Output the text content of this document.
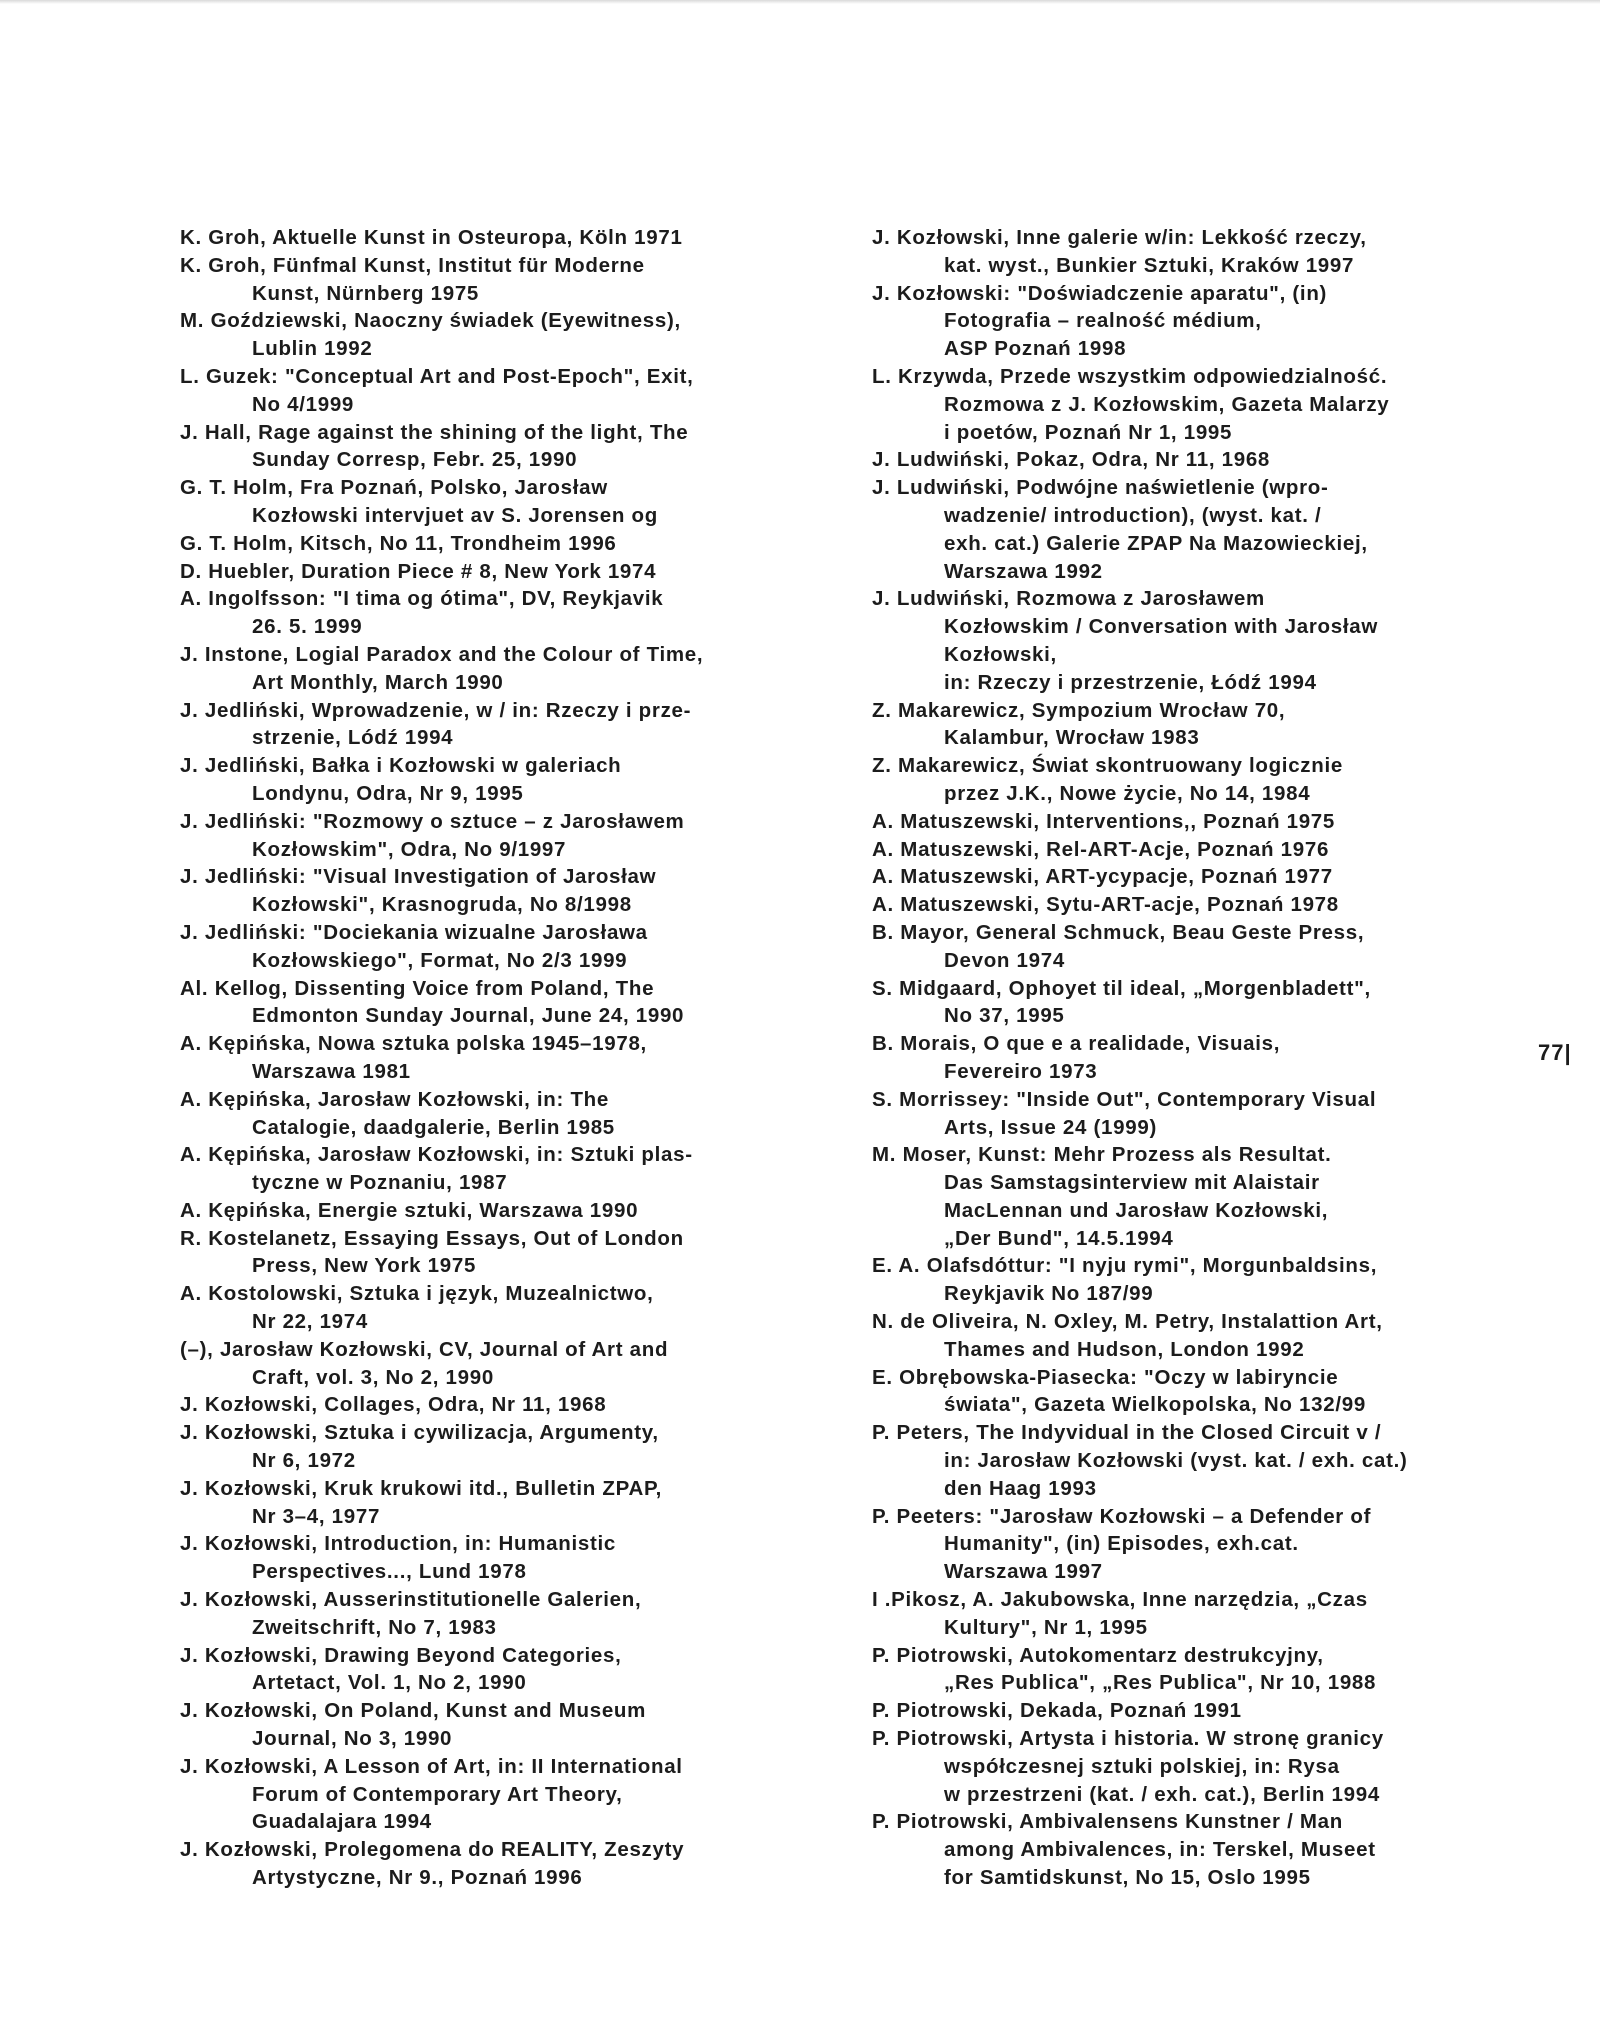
K. Groh, Aktuelle Kunst in Osteuropa, Köln 1971
K. Groh, Fünfmal Kunst, Institut für Moderne
Kunst, Nürnberg 1975
M. Goździewski, Naoczny świadek (Eyewitness),
Lublin 1992
L. Guzek: "Conceptual Art and Post-Epoch", Exit,
No 4/1999
J. Hall, Rage against the shining of the light, The
Sunday Corresp, Febr. 25, 1990
G. T. Holm, Fra Poznań, Polsko, Jarosław
Kozłowski intervjuet av S. Jorensen og
G. T. Holm, Kitsch, No 11, Trondheim 1996
D. Huebler, Duration Piece # 8, New York 1974
A. Ingolfsson: "I tima og ótima", DV, Reykjavik
26. 5. 1999
J. Instone, Logial Paradox and the Colour of Time,
Art Monthly, March 1990
J. Jedliński, Wprowadzenie, w / in: Rzeczy i prze-
strzenie, Lódź 1994
J. Jedliński, Bałka i Kozłowski w galeriach
Londynu, Odra, Nr 9, 1995
J. Jedliński: "Rozmowy o sztuce – z Jarosławem
Kozłowskim", Odra, No 9/1997
J. Jedliński: "Visual Investigation of Jarosław
Kozłowski", Krasnogruda, No 8/1998
J. Jedliński: "Dociekania wizualne Jarosława
Kozłowskiego", Format, No 2/3 1999
Al. Kellog, Dissenting Voice from Poland, The
Edmonton Sunday Journal, June 24, 1990
A. Kępińska, Nowa sztuka polska 1945–1978,
Warszawa 1981
A. Kępińska, Jarosław Kozłowski, in: The
Catalogie, daadgalerie, Berlin 1985
A. Kępińska, Jarosław Kozłowski, in: Sztuki plas-
tyczne w Poznaniu, 1987
A. Kępińska, Energie sztuki, Warszawa 1990
R. Kostelanetz, Essaying Essays, Out of London
Press, New York 1975
A. Kostolowski, Sztuka i język, Muzealnictwo,
Nr 22, 1974
(–), Jarosław Kozłowski, CV, Journal of Art and
Craft, vol. 3, No 2, 1990
J. Kozłowski, Collages, Odra, Nr 11, 1968
J. Kozłowski, Sztuka i cywilizacja, Argumenty,
Nr 6, 1972
J. Kozłowski, Kruk krukowi itd., Bulletin ZPAP,
Nr 3–4, 1977
J. Kozłowski, Introduction, in: Humanistic
Perspectives..., Lund 1978
J. Kozłowski, Ausserinstitutionelle Galerien,
Zweitschrift, No 7, 1983
J. Kozłowski, Drawing Beyond Categories,
Artetact, Vol. 1, No 2, 1990
J. Kozłowski, On Poland, Kunst and Museum
Journal, No 3, 1990
J. Kozłowski, A Lesson of Art, in: II International
Forum of Contemporary Art Theory,
Guadalajara 1994
J. Kozłowski, Prolegomena do REALITY, Zeszyty
Artystyczne, Nr 9., Poznań 1996
J. Kozłowski, Inne galerie w/in: Lekkość rzeczy,
kat. wyst., Bunkier Sztuki, Kraków 1997
J. Kozłowski: "Doświadczenie aparatu", (in)
Fotografia – realność médium,
ASP Poznań 1998
L. Krzywda, Przede wszystkim odpowiedzialność.
Rozmowa z J. Kozłowskim, Gazeta Malarzy
i poetów, Poznań Nr 1, 1995
J. Ludwiński, Pokaz, Odra, Nr 11, 1968
J. Ludwiński, Podwójne naświetlenie (wpro-
wadzenie/ introduction), (wyst. kat. /
exh. cat.) Galerie ZPAP Na Mazowieckiej,
Warszawa 1992
J. Ludwiński, Rozmowa z Jarosławem
Kozłowskim / Conversation with Jarosław
Kozłowski,
in: Rzeczy i przestrzenie, Łódź 1994
Z. Makarewicz, Sympozium Wrocław 70,
Kalambur, Wrocław 1983
Z. Makarewicz, Świat skontruowany logicznie
przez J.K., Nowe życie, No 14, 1984
A. Matuszewski, Interventions,, Poznań 1975
A. Matuszewski, Rel-ART-Acje, Poznań 1976
A. Matuszewski, ART-ycypacje, Poznań 1977
A. Matuszewski, Sytu-ART-acje, Poznań 1978
B. Mayor, General Schmuck, Beau Geste Press,
Devon 1974
S. Midgaard, Ophoyet til ideal, „Morgenbladett",
No 37, 1995
B. Morais, O que e a realidade, Visuais,
Fevereiro 1973
S. Morrissey: "Inside Out", Contemporary Visual
Arts, Issue 24 (1999)
M. Moser, Kunst: Mehr Prozess als Resultat.
Das Samstagsinterview mit Alaistair
MacLennan und Jarosław Kozłowski,
„Der Bund", 14.5.1994
E. A. Olafsdóttur: "I nyju rymi", Morgunbaldsins,
Reykjavik No 187/99
N. de Oliveira, N. Oxley, M. Petry, Instalattion Art,
Thames and Hudson, London 1992
E. Obrębowska-Piasecka: "Oczy w labiryncie
świata", Gazeta Wielkopolska, No 132/99
P. Peters, The Indyvidual in the Closed Circuit v /
in: Jarosław Kozłowski (vyst. kat. / exh. cat.)
den Haag 1993
P. Peeters: "Jarosław Kozłowski – a Defender of
Humanity", (in) Episodes, exh.cat.
Warszawa 1997
I .Pikosz, A. Jakubowska, Inne narzędzia, „Czas
Kultury", Nr 1, 1995
P. Piotrowski, Autokomentarz destrukcyjny,
„Res Publica", „Res Publica", Nr 10, 1988
P. Piotrowski, Dekada, Poznań 1991
P. Piotrowski, Artysta i historia. W stronę granicy
współczesnej sztuki polskiej, in: Rysa
w przestrzeni (kat. / exh. cat.), Berlin 1994
P. Piotrowski, Ambivalensens Kunstner / Man
among Ambivalences, in: Terskel, Museet
for Samtidskunst, No 15, Oslo 1995
77|
